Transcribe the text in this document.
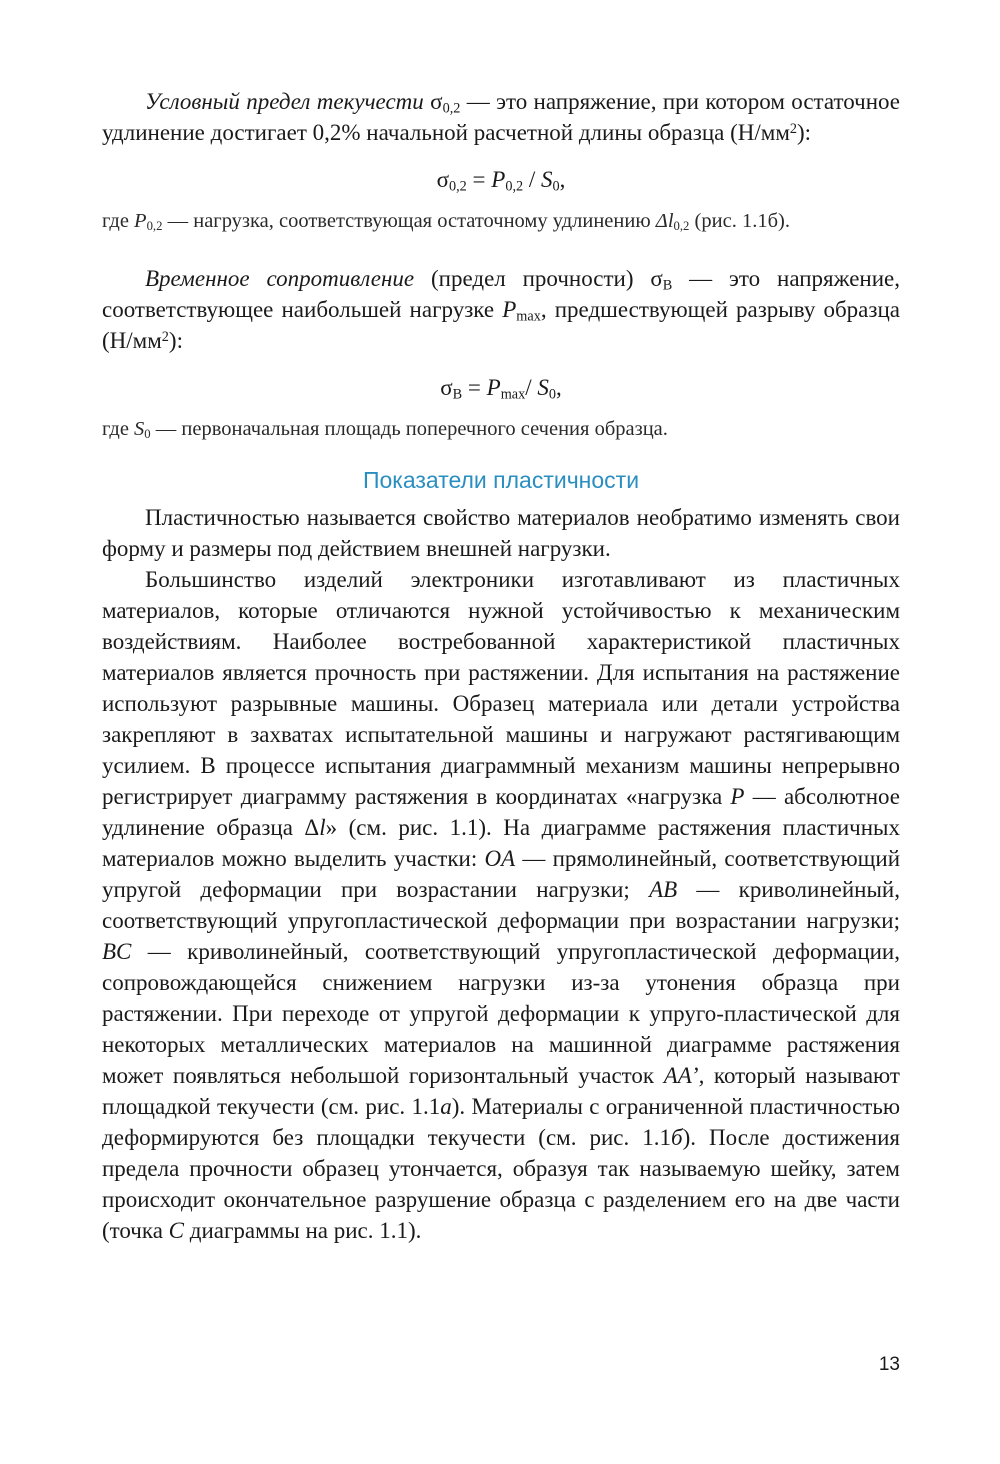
Условный предел текучести $\sigma_{0,2}$ — это напряжение, при котором остаточное удлинение достигает 0,2% начальной расчетной длины образца $(Н/мм^2)$:

$\sigma_{0,2} = P_{0,2} / S_0$,

где $P_{0,2}$ — нагрузка, соответствующая остаточному удлинению $\Delta l_{0,2}$ (рис. 1.1б).

Временное сопротивление (предел прочности) $\sigma_B$ — это напряжение, соответствующее наибольшей нагрузке $P_{max}$, предшествующей разрыву образца $(Н/мм^2)$:

$\sigma_B = P_{max}/$ $S_0$,

где $S_0$ — первоначальная площадь поперечного сечения образца.

Показатели пластичности

Пластичностью называется свойство материалов необратимо изменять свои форму и размеры под действием внешней нагрузки.

Большинство изделий электроники изготавливают из пластичных материалов, которые отличаются нужной устойчивостью к механическим воздействиям. Наиболее востребованной характеристикой пластичных материалов является прочность при растяжении. Для испытания на растяжение используют разрывные машины. Образец материала или детали устройства закрепляют в захватах испытательной машины и нагружают растягивающим усилием. В процессе испытания диаграммный механизм машины непрерывно регистрирует диаграмму растяжения в координатах «нагрузка P — абсолютное удлинение образца Δl» (см. рис. 1.1). На диаграмме растяжения пластичных материалов можно выделить участки: OA — прямолинейный, соответствующий упругой деформации при возрастании нагрузки; AB — криволинейный, соответствующий упругопластической деформации при возрастании нагрузки; BC — криволинейный, соответствующий упругопластической деформации, сопровождающейся снижением нагрузки из-за утонения образца при растяжении. При переходе от упругой деформации к упруго-пластической для некоторых металлических материалов на машинной диаграмме растяжения может появляться небольшой горизонтальный участок AA’, который называют площадкой текучести (см. рис. 1.1а). Материалы с ограниченной пластичностью деформируются без площадки текучести (см. рис. 1.1б). После достижения предела прочности образец утончается, образуя так называемую шейку, затем происходит окончательное разрушение образца с разделением его на две части (точка C диаграммы на рис. 1.1).

13
